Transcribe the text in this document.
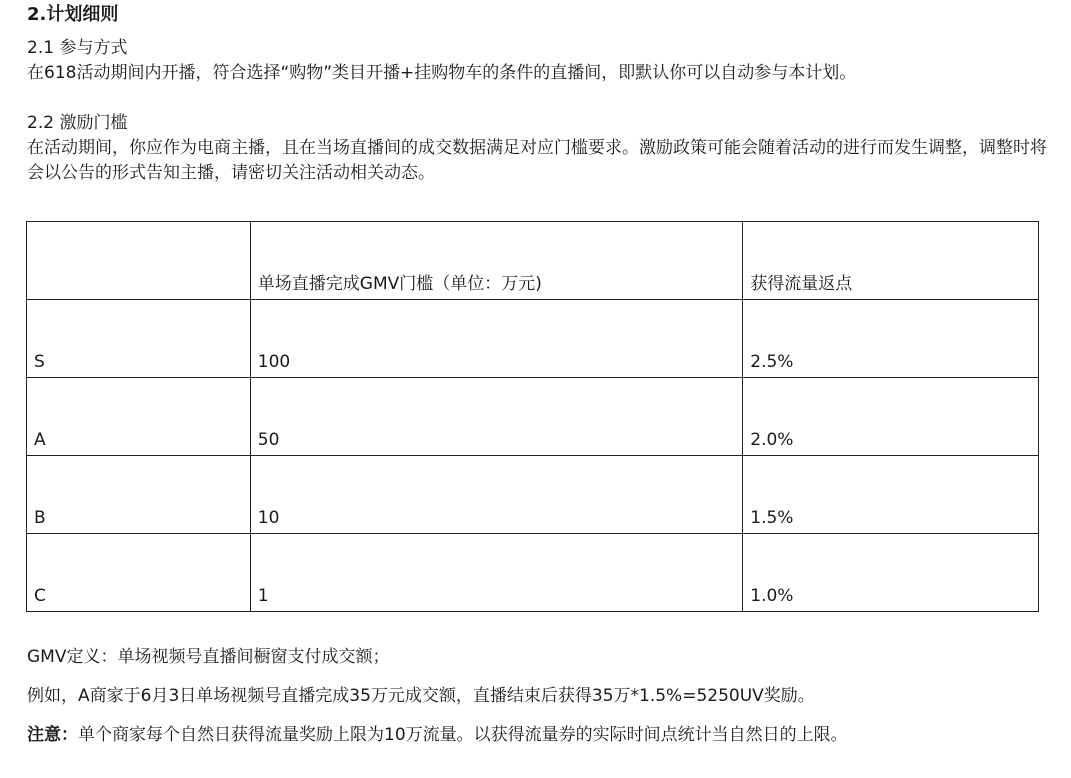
2.计划细则
2.1 参与方式
在618活动期间内开播，符合选择“购物”类目开播+挂购物车的条件的直播间，即默认你可以自动参与本计划。
2.2 激励门槛
在活动期间，你应作为电商主播，且在当场直播间的成交数据满足对应门槛要求。激励政策可能会随着活动的进行而发生调整，调整时将会以公告的形式告知主播，请密切关注活动相关动态。
	单场直播完成GMV门槛（单位：万元)	获得流量返点
S	100	2.5%
A	50	2.0%
B	10	1.5%
C	1	1.0%

GMV定义：单场视频号直播间橱窗支付成交额；

例如，A商家于6月3日单场视频号直播完成35万元成交额，直播结束后获得35万*1.5%=5250UV奖励。

注意：单个商家每个自然日获得流量奖励上限为10万流量。以获得流量券的实际时间点统计当自然日的上限。
